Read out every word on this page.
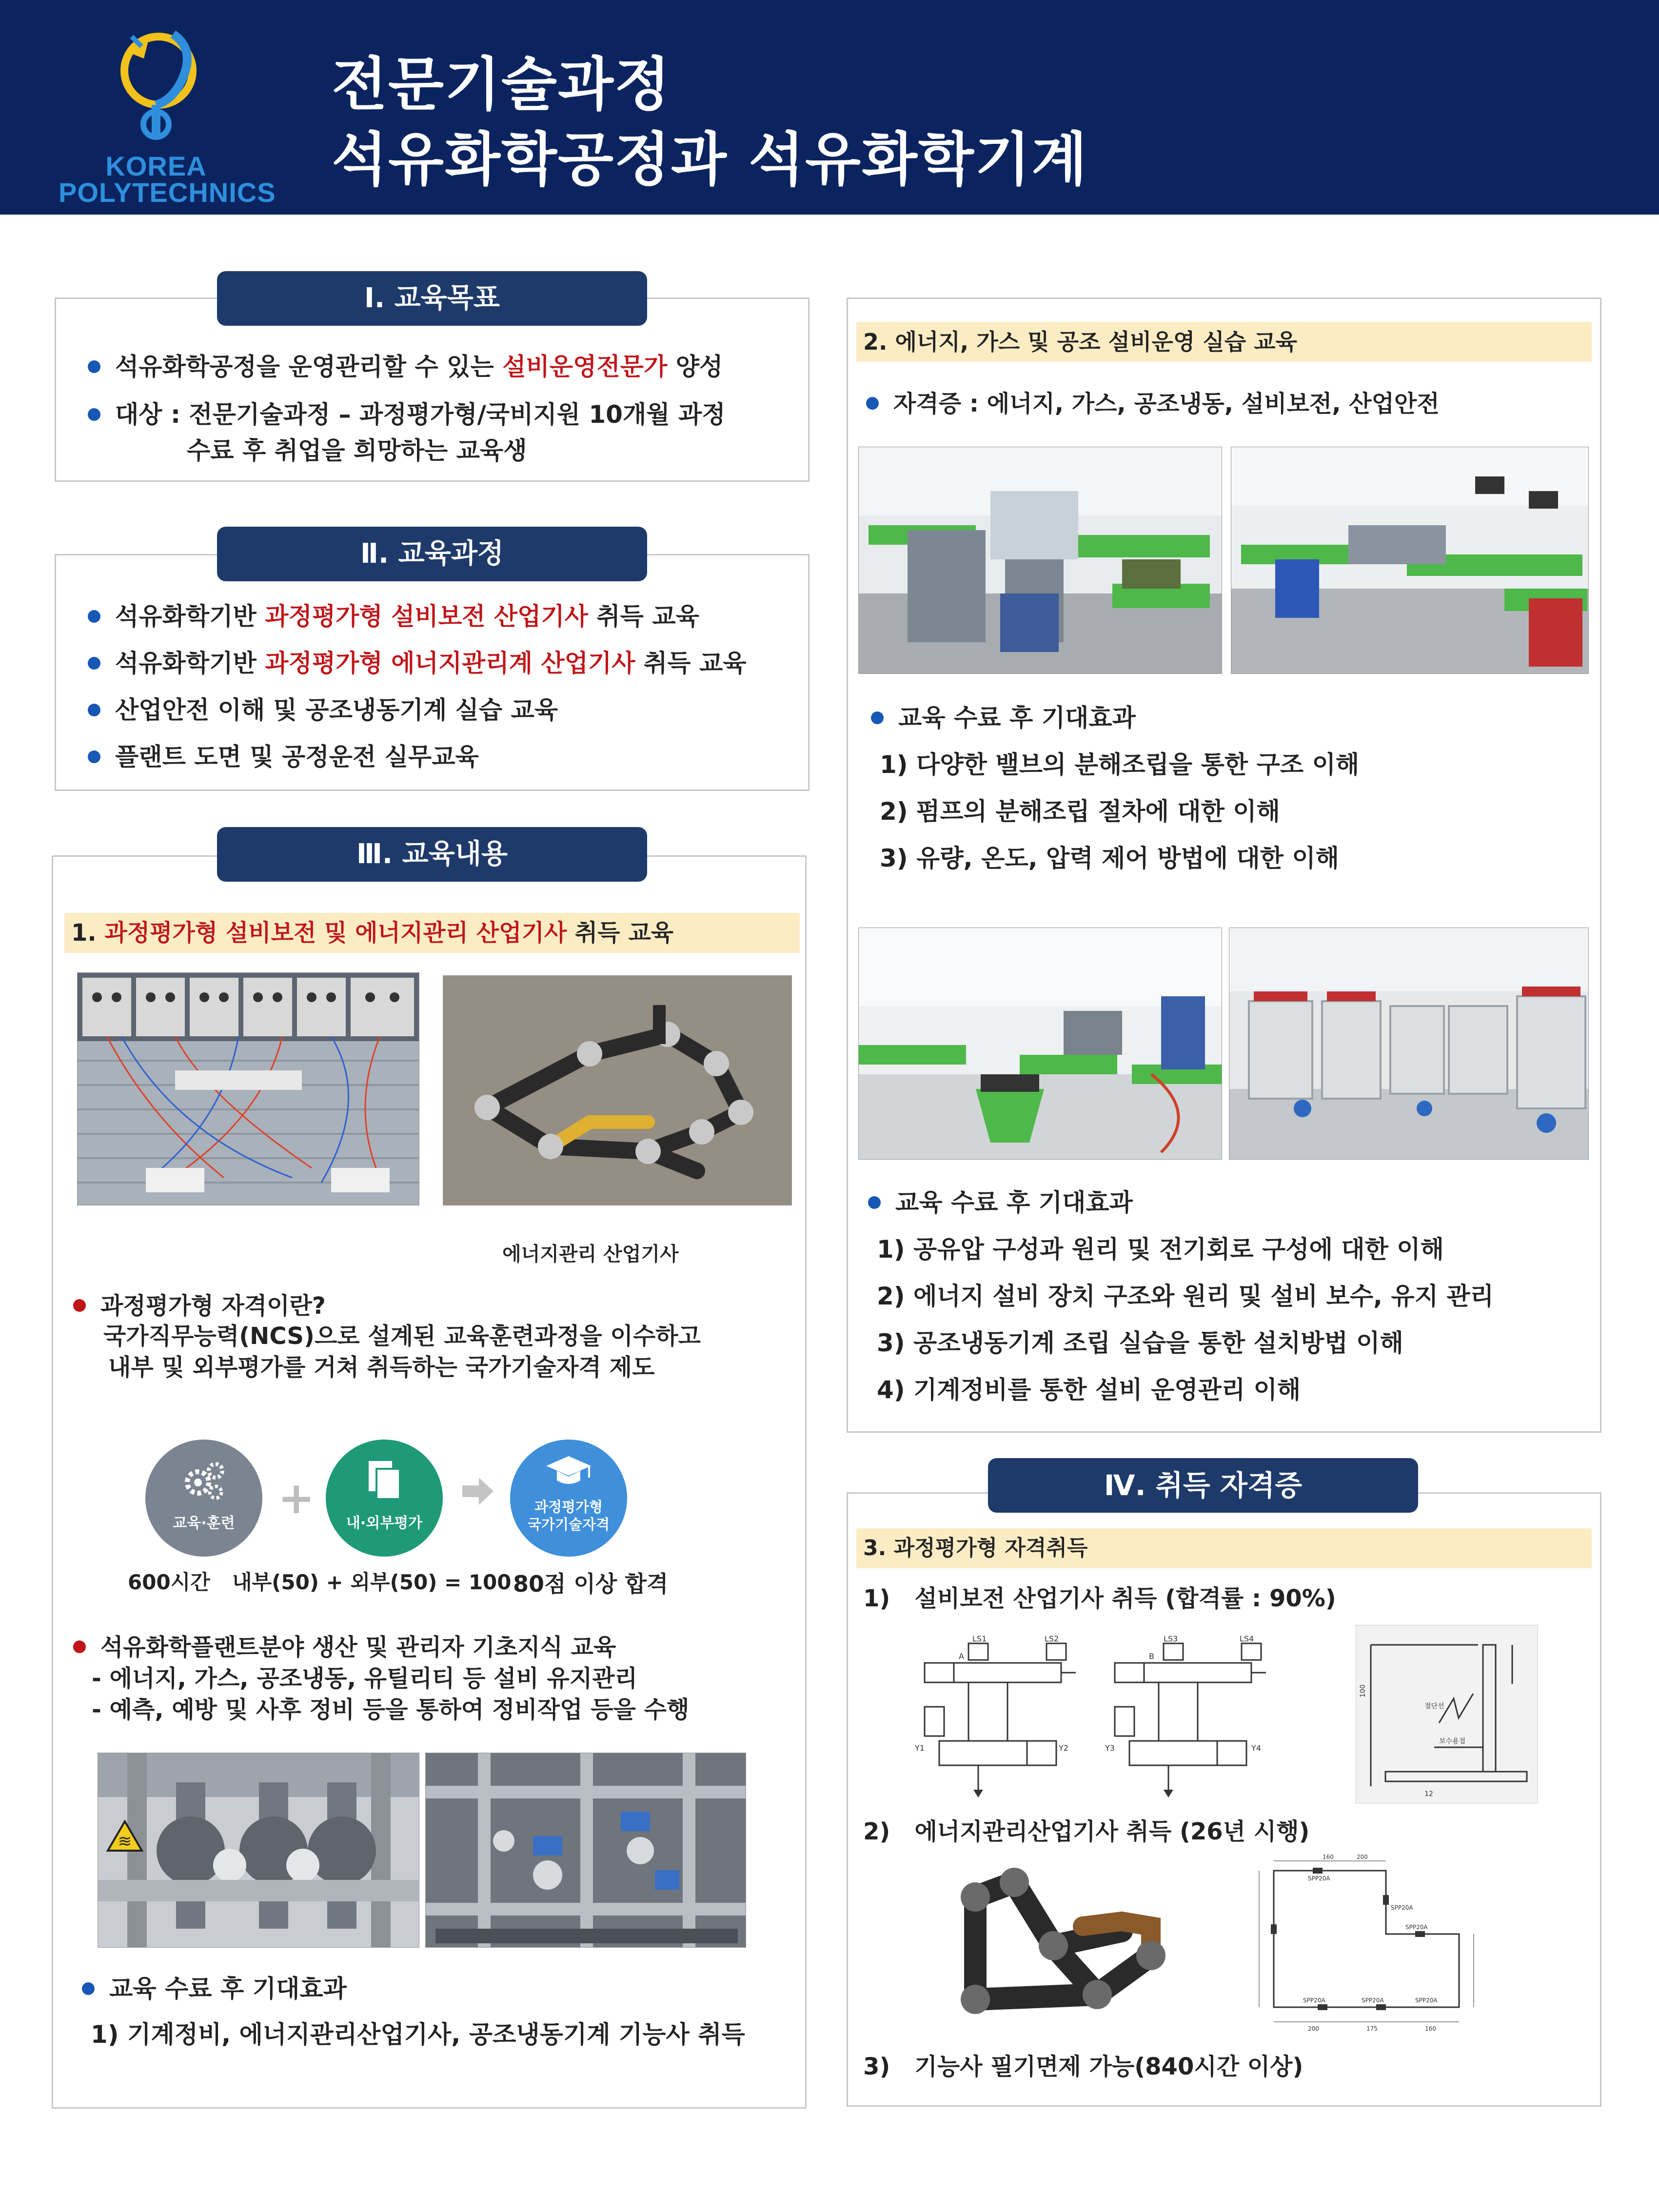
KOREA
POLYTECHNICS
전문기술과정
석유화학공정과 석유화학기계
Ⅰ. 교육목표
석유화학공정을 운영관리할 수 있는 설비운영전문가 양성
대상 : 전문기술과정 – 과정평가형/국비지원 10개월 과정
수료 후 취업을 희망하는 교육생
Ⅱ. 교육과정
석유화학기반 과정평가형 설비보전 산업기사 취득 교육
석유화학기반 과정평가형 에너지관리계 산업기사 취득 교육
산업안전 이해 및 공조냉동기계 실습 교육
플랜트 도면 및 공정운전 실무교육
Ⅲ. 교육내용
1. 과정평가형 설비보전 및 에너지관리 산업기사 취득 교육
에너지관리 산업기사
과정평가형 자격이란?
국가직무능력(NCS)으로 설계된 교육훈련과정을 이수하고
내부 및 외부평가를 거쳐 취득하는 국가기술자격 제도
교육·훈련 +	내·외부평가
과정평가형
국가기술자격
600시간 내부(50) + 외부(50) = 100 80점 이상 합격
석유화학플랜트분야 생산 및 관리자 기초지식 교육
- 에너지, 가스, 공조냉동, 유틸리티 등 설비 유지관리
- 예측, 예방 및 사후 정비 등을 통하여 정비작업 등을 수행
≋
교육 수료 후 기대효과
1) 기계정비, 에너지관리산업기사, 공조냉동기계 기능사 취득
2. 에너지, 가스 및 공조 설비운영 실습 교육
자격증 : 에너지, 가스, 공조냉동, 설비보전, 산업안전
교육 수료 후 기대효과
1) 다양한 밸브의 분해조립을 통한 구조 이해
2) 펌프의 분해조립 절차에 대한 이해
3) 유량, 온도, 압력 제어 방법에 대한 이해
교육 수료 후 기대효과
1) 공유압 구성과 원리 및 전기회로 구성에 대한 이해
2) 에너지 설비 장치 구조와 원리 및 설비 보수, 유지 관리
3) 공조냉동기계 조립 실습을 통한 설치방법 이해
4) 기계정비를 통한 설비 운영관리 이해
Ⅳ. 취득 자격증
3. 과정평가형 자격취득
1) 설비보전 산업기사 취득 (합격률 : 90%)
A	B
LS1	LS2	LS3	LS4
Y1	Y2	Y3	Y4
100
절단선
보수용접
12
2) 에너지관리산업기사 취득 (26년 시행)
SPP20A
SPP20A
SPP20A
SPP20A	SPP20A	SPP20A
160	200
200	175	160
3) 기능사 필기면제 가능(840시간 이상)
